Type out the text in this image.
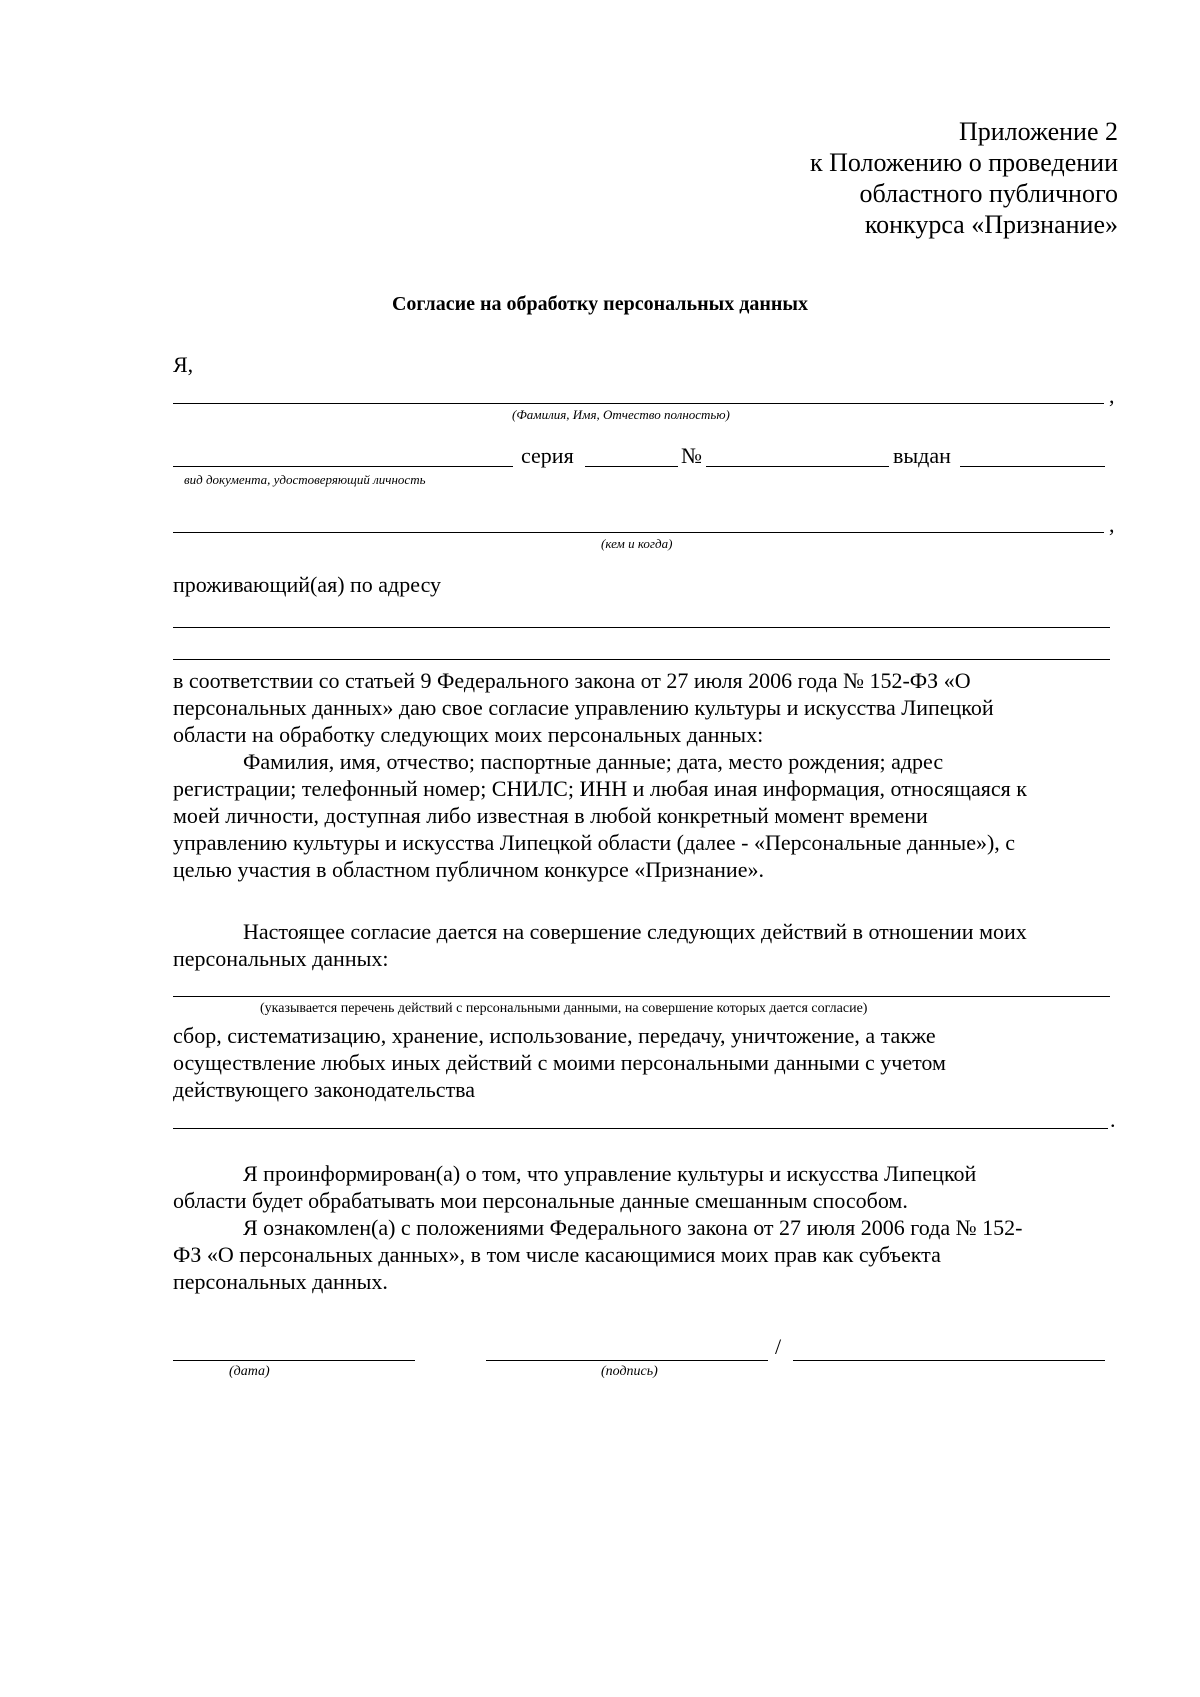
Приложение 2
к Положению о проведении
областного публичного
конкурса «Признание»
Согласие на обработку персональных данных
Я,
,
(Фамилия, Имя, Отчество полностью)
серия	№	выдан
вид документа, удостоверяющий личность
,
(кем и когда)
проживающий(ая) по адресу
в соответствии со статьей 9 Федерального закона от 27 июля 2006 года № 152-ФЗ «О
персональных данных» даю свое согласие управлению культуры и искусства Липецкой
области на обработку следующих моих персональных данных:
Фамилия, имя, отчество; паспортные данные; дата, место рождения; адрес
регистрации; телефонный номер; СНИЛС; ИНН и любая иная информация, относящаяся к
моей личности, доступная либо известная в любой конкретный момент времени
управлению культуры и искусства Липецкой области (далее - «Персональные данные»), с
целью участия в областном публичном конкурсе «Признание».
Настоящее согласие дается на совершение следующих действий в отношении моих
персональных данных:
(указывается перечень действий с персональными данными, на совершение которых дается согласие)
сбор, систематизацию, хранение, использование, передачу, уничтожение, а также
осуществление любых иных действий с моими персональными данными с учетом
действующего законодательства
.
Я проинформирован(а) о том, что управление культуры и искусства Липецкой
области будет обрабатывать мои персональные данные смешанным способом.
Я ознакомлен(а) с положениями Федерального закона от 27 июля 2006 года № 152-
ФЗ «О персональных данных», в том числе касающимися моих прав как субъекта
персональных данных.
/
(дата)	(подпись)
